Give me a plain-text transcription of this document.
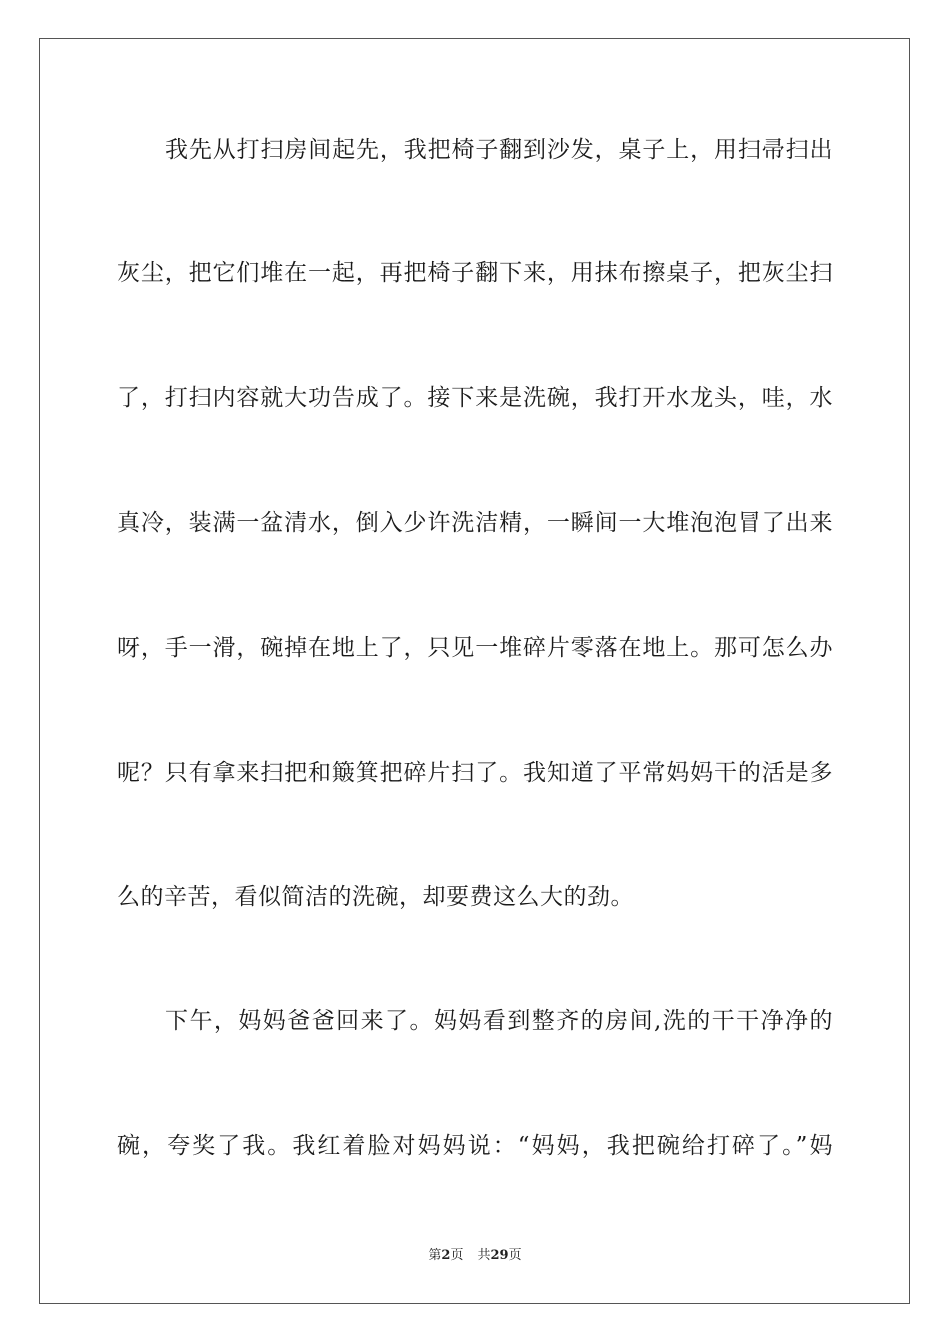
我先从打扫房间起先，我把椅子翻到沙发，桌子上，用扫帚扫出
灰尘，把它们堆在一起，再把椅子翻下来，用抹布擦桌子，把灰尘扫
了，打扫内容就大功告成了。接下来是洗碗，我打开水龙头，哇，水
真冷，装满一盆清水，倒入少许洗洁精，一瞬间一大堆泡泡冒了出来
呀，手一滑，碗掉在地上了，只见一堆碎片零落在地上。那可怎么办
呢？只有拿来扫把和簸箕把碎片扫了。我知道了平常妈妈干的活是多
么的辛苦，看似简洁的洗碗，却要费这么大的劲。
下午，妈妈爸爸回来了。妈妈看到整齐的房间,洗的干干净净的
碗，夸奖了我。我红着脸对妈妈说：“妈妈，我把碗给打碎了。”妈
第2页 共29页
